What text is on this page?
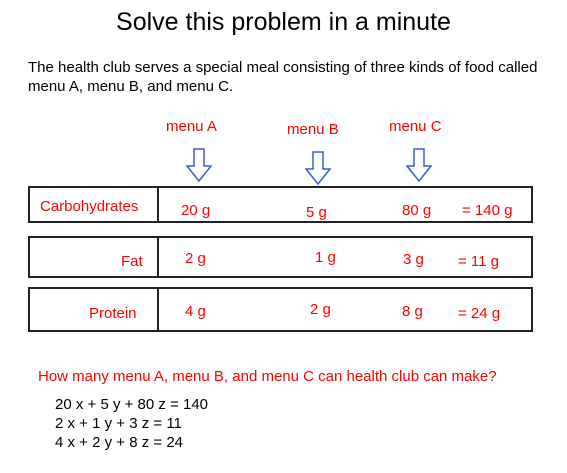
Solve this problem in a minute
The health club serves a special meal consisting of three kinds of food called menu A, menu B, and menu C.
menu A	menu B	menu C
Carbohydrates	20 g	5 g	80 g = 140 g
Fat	2 g	1 g	3 g = 11 g
Protein	4 g	2 g	8 g = 24 g
How many menu A, menu B, and menu C can health club can make?
20 x + 5 y + 80 z = 140
2 x + 1 y + 3 z = 11
4 x + 2 y + 8 z = 24
